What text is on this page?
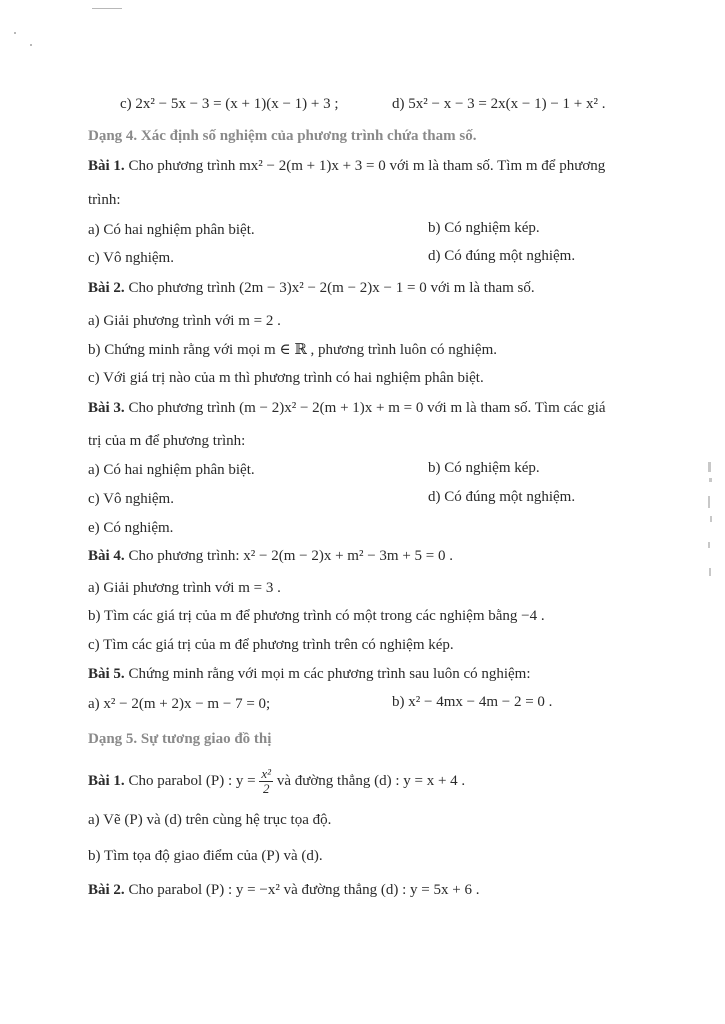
c) 2x² − 5x − 3 = (x + 1)(x − 1) + 3 ;	d) 5x² − x − 3 = 2x(x − 1) − 1 + x² .
Dạng 4. Xác định số nghiệm của phương trình chứa tham số.
Bài 1. Cho phương trình mx² − 2(m + 1)x + 3 = 0 với m là tham số. Tìm m để phương
trình:
a) Có hai nghiệm phân biệt.	b) Có nghiệm kép.
c) Vô nghiệm.	d) Có đúng một nghiệm.
Bài 2. Cho phương trình (2m − 3)x² − 2(m − 2)x − 1 = 0 với m là tham số.
a) Giải phương trình với m = 2 .
b) Chứng minh rằng với mọi m ∈ ℝ , phương trình luôn có nghiệm.
c) Với giá trị nào của m thì phương trình có hai nghiệm phân biệt.
Bài 3. Cho phương trình (m − 2)x² − 2(m + 1)x + m = 0 với m là tham số. Tìm các giá
trị của m để phương trình:
a) Có hai nghiệm phân biệt.	b) Có nghiệm kép.
c) Vô nghiệm.	d) Có đúng một nghiệm.
e) Có nghiệm.
Bài 4. Cho phương trình: x² − 2(m − 2)x + m² − 3m + 5 = 0 .
a) Giải phương trình với m = 3 .
b) Tìm các giá trị của m để phương trình có một trong các nghiệm bằng −4 .
c) Tìm các giá trị của m để phương trình trên có nghiệm kép.
Bài 5. Chứng minh rằng với mọi m các phương trình sau luôn có nghiệm:
a) x² − 2(m + 2)x − m − 7 = 0;	b) x² − 4mx − 4m − 2 = 0 .
Dạng 5. Sự tương giao đồ thị
Bài 1. Cho parabol (P) : $y = \frac{\text{x²}}{2}$ và đường thẳng (d) : y = x + 4 .
a) Vẽ (P) và (d) trên cùng hệ trục tọa độ.
b) Tìm tọa độ giao điểm của (P) và (d).
Bài 2. Cho parabol (P) : y = −x² và đường thẳng (d) : y = 5x + 6 .
